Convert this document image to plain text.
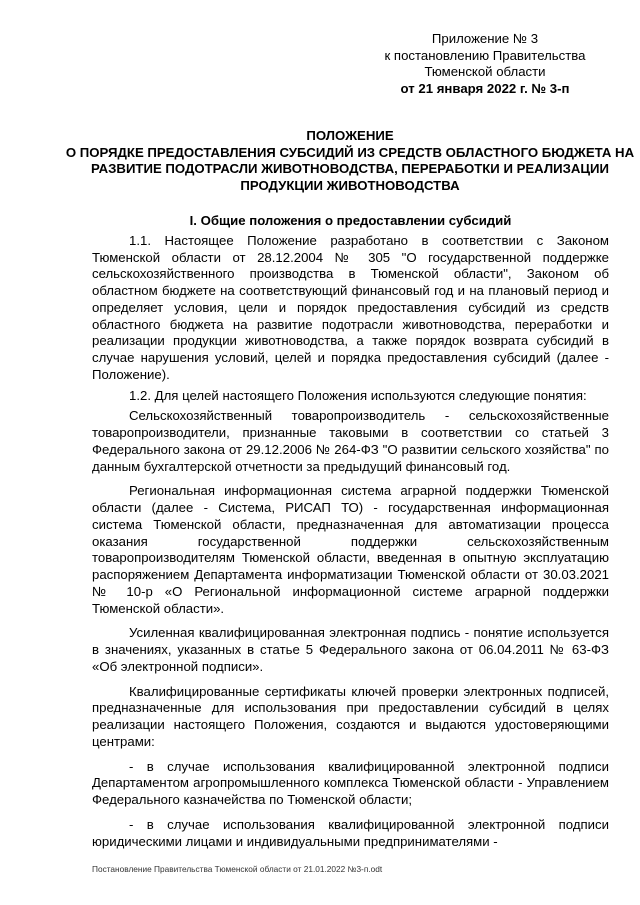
Приложение № 3
к постановлению Правительства
Тюменской области
от 21 января 2022 г. № 3-п
ПОЛОЖЕНИЕ
О ПОРЯДКЕ ПРЕДОСТАВЛЕНИЯ СУБСИДИЙ ИЗ СРЕДСТВ ОБЛАСТНОГО БЮДЖЕТА НА РАЗВИТИЕ ПОДОТРАСЛИ ЖИВОТНОВОДСТВА, ПЕРЕРАБОТКИ И РЕАЛИЗАЦИИ ПРОДУКЦИИ ЖИВОТНОВОДСТВА
I. Общие положения о предоставлении субсидий

1.1. Настоящее Положение разработано в соответствии с Законом Тюменской области от 28.12.2004 № 305 "О государственной поддержке сельскохозяйственного производства в Тюменской области", Законом об областном бюджете на соответствующий финансовый год и на плановый период и определяет условия, цели и порядок предоставления субсидий из средств областного бюджета на развитие подотрасли животноводства, переработки и реализации продукции животноводства, а также порядок возврата субсидий в случае нарушения условий, целей и порядка предоставления субсидий (далее - Положение).

1.2. Для целей настоящего Положения используются следующие понятия:

Сельскохозяйственный товаропроизводитель - сельскохозяйственные товаропроизводители, признанные таковыми в соответствии со статьей 3 Федерального закона от 29.12.2006 № 264-ФЗ "О развитии сельского хозяйства" по данным бухгалтерской отчетности за предыдущий финансовый год.

Региональная информационная система аграрной поддержки Тюменской области (далее - Система, РИСАП ТО) - государственная информационная система Тюменской области, предназначенная для автоматизации процесса оказания государственной поддержки сельскохозяйственным товаропроизводителям Тюменской области, введенная в опытную эксплуатацию распоряжением Департамента информатизации Тюменской области от 30.03.2021 № 10-р «О Региональной информационной системе аграрной поддержки Тюменской области».

Усиленная квалифицированная электронная подпись - понятие используется в значениях, указанных в статье 5 Федерального закона от 06.04.2011 № 63-ФЗ «Об электронной подписи».

Квалифицированные сертификаты ключей проверки электронных подписей, предназначенные для использования при предоставлении субсидий в целях реализации настоящего Положения, создаются и выдаются удостоверяющими центрами:

- в случае использования квалифицированной электронной подписи Департаментом агропромышленного комплекса Тюменской области - Управлением Федерального казначейства по Тюменской области;

- в случае использования квалифицированной электронной подписи юридическими лицами и индивидуальными предпринимателями -

Постановление Правительства Тюменской области от 21.01.2022 №3-п.odt
